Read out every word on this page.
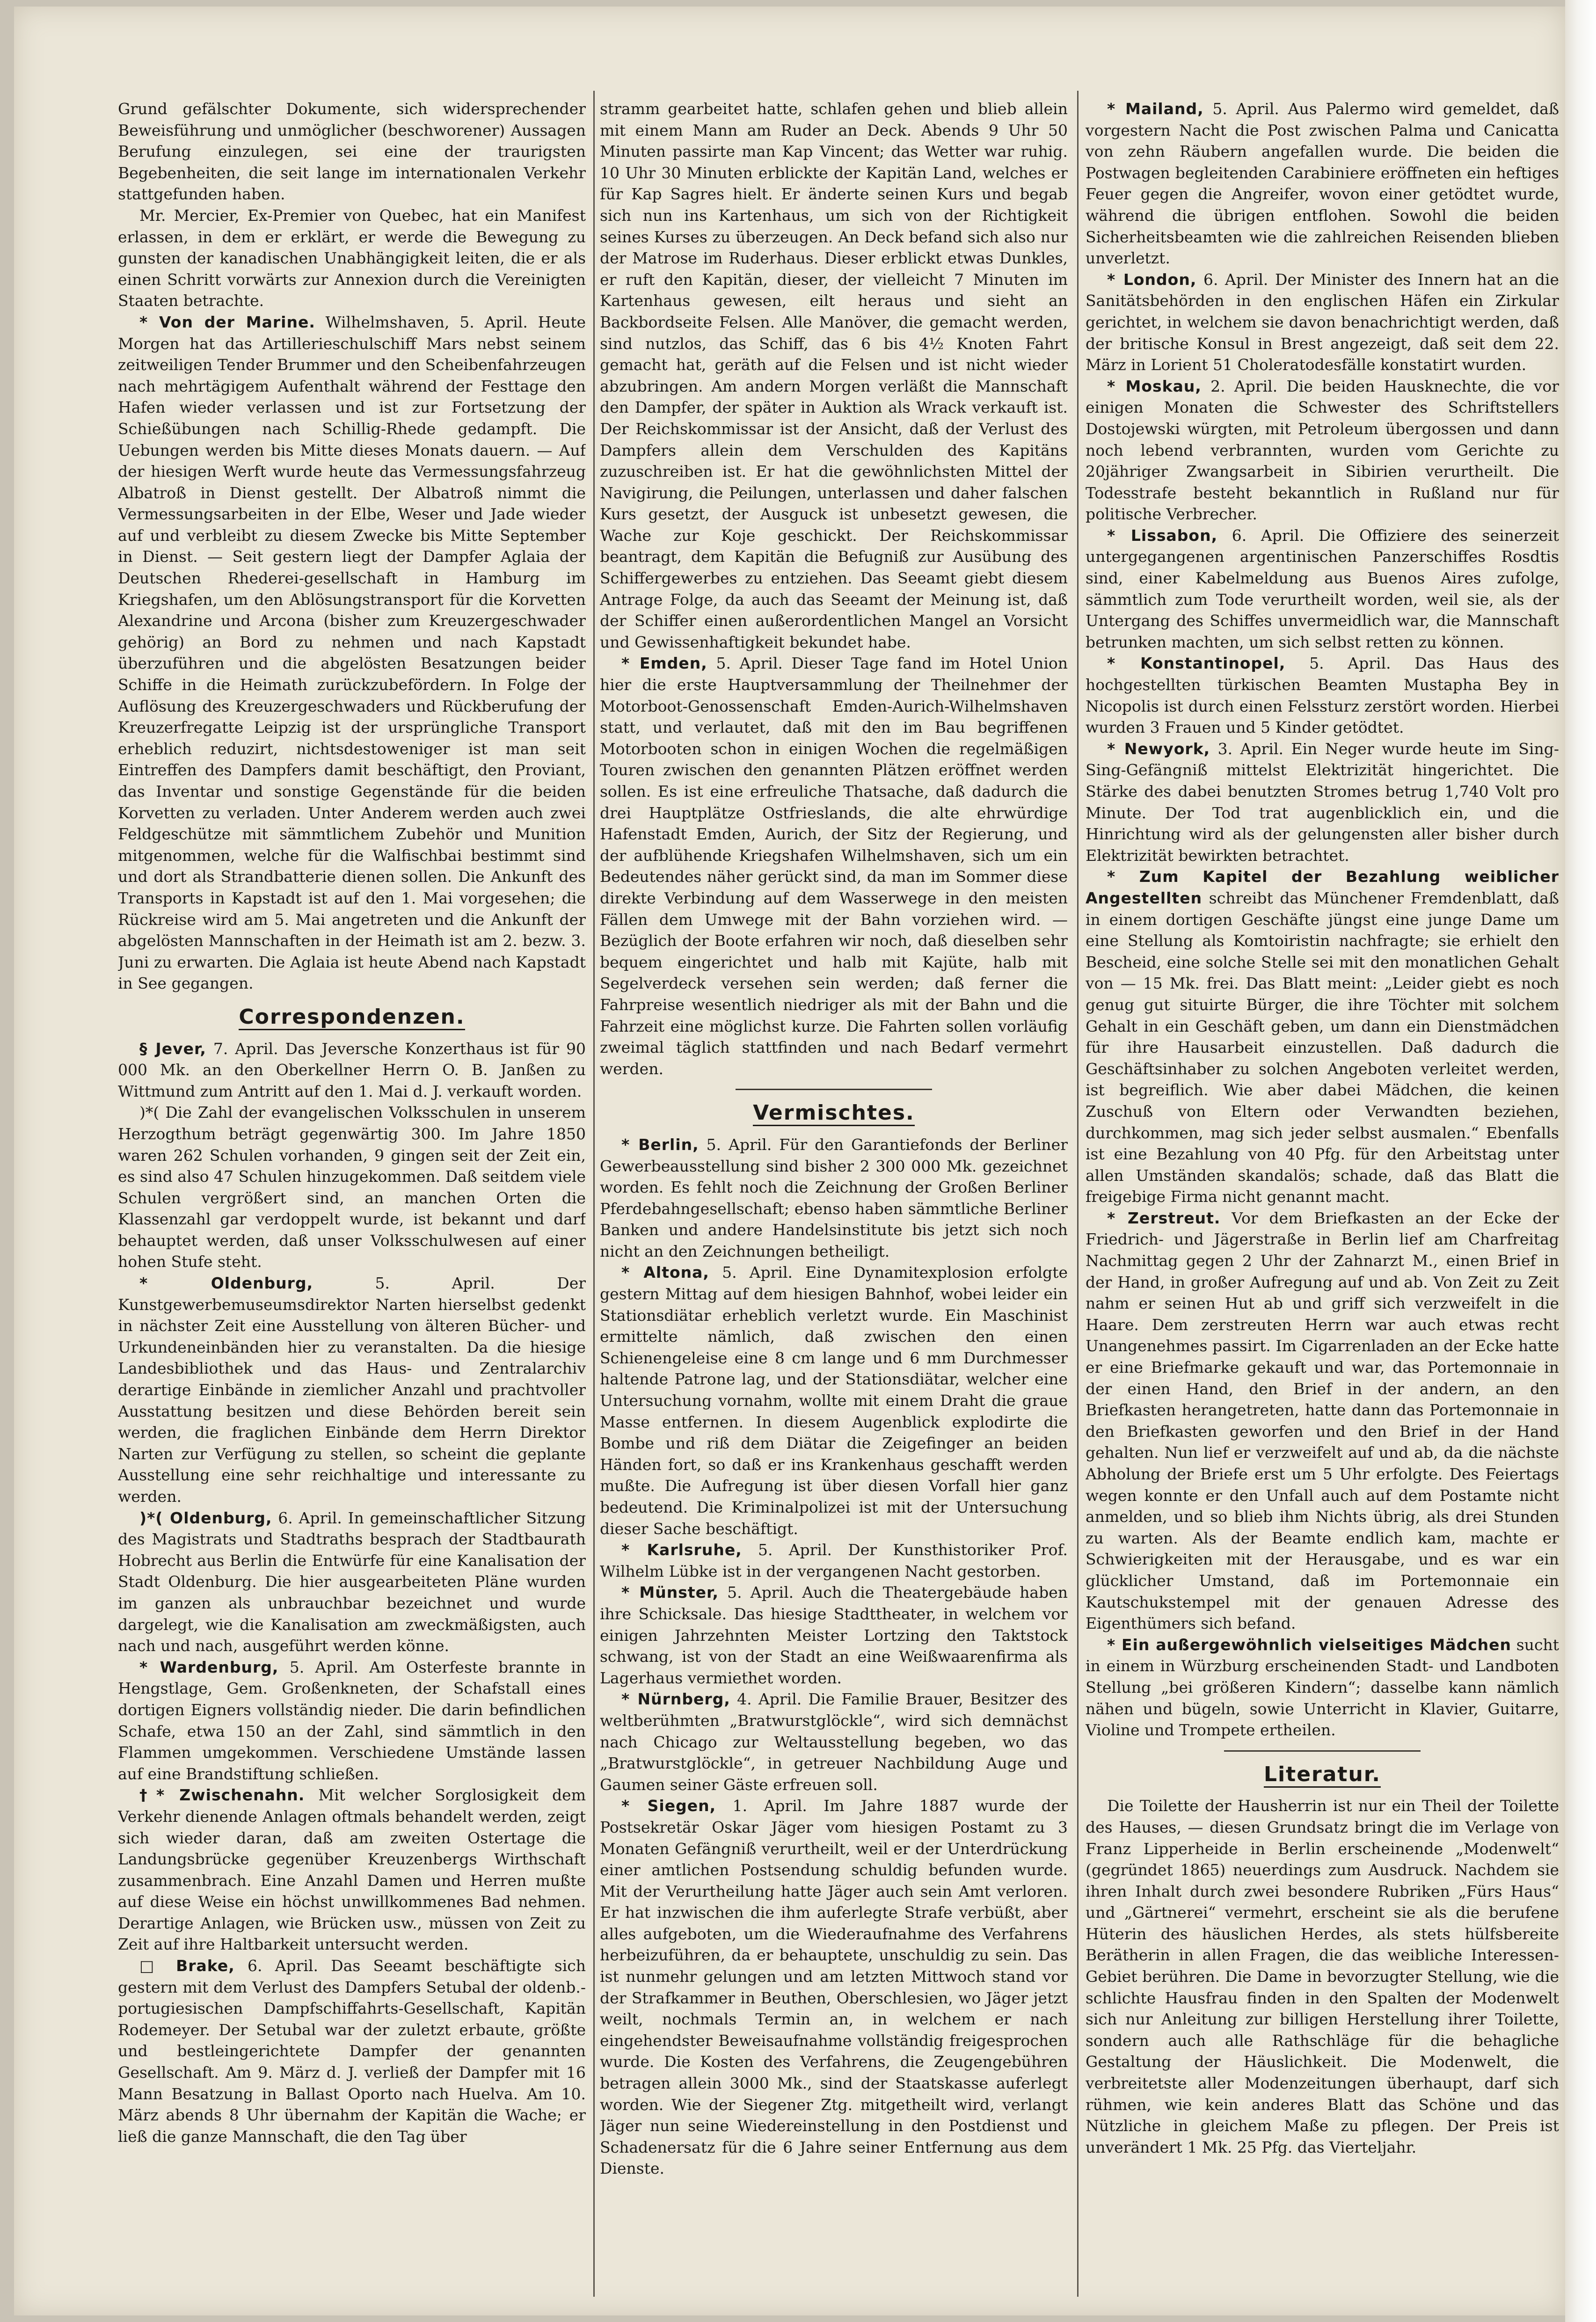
Grund gefälschter Dokumente, sich widersprechender Beweisführung und unmöglicher (beschworener) Aussagen Berufung einzulegen, sei eine der traurigsten Begebenheiten, die seit lange im internationalen Verkehr stattgefunden haben.

Mr. Mercier, Ex-Premier von Quebec, hat ein Manifest erlassen, in dem er erklärt, er werde die Bewegung zu gunsten der kanadischen Unabhängigkeit leiten, die er als einen Schritt vorwärts zur Annexion durch die Vereinigten Staaten betrachte.

* Von der Marine. Wilhelmshaven, 5. April. Heute Morgen hat das Artillerieschulschiff Mars nebst seinem zeitweiligen Tender Brummer und den Scheibenfahrzeugen nach mehrtägigem Aufenthalt während der Festtage den Hafen wieder verlassen und ist zur Fortsetzung der Schießübungen nach Schillig-Rhede gedampft. Die Uebungen werden bis Mitte dieses Monats dauern. — Auf der hiesigen Werft wurde heute das Vermessungsfahrzeug Albatroß in Dienst gestellt. Der Albatroß nimmt die Vermessungsarbeiten in der Elbe, Weser und Jade wieder auf und verbleibt zu diesem Zwecke bis Mitte September in Dienst. — Seit gestern liegt der Dampfer Aglaia der Deutschen Rhederei-gesellschaft in Hamburg im Kriegshafen, um den Ablösungstransport für die Korvetten Alexandrine und Arcona (bisher zum Kreuzergeschwader gehörig) an Bord zu nehmen und nach Kapstadt überzuführen und die abgelösten Besatzungen beider Schiffe in die Heimath zurückzubefördern. In Folge der Auflösung des Kreuzergeschwaders und Rückberufung der Kreuzerfregatte Leipzig ist der ursprüngliche Transport erheblich reduzirt, nichtsdestoweniger ist man seit Eintreffen des Dampfers damit beschäftigt, den Proviant, das Inventar und sonstige Gegenstände für die beiden Korvetten zu verladen. Unter Anderem werden auch zwei Feldgeschütze mit sämmtlichem Zubehör und Munition mitgenommen, welche für die Walfischbai bestimmt sind und dort als Strandbatterie dienen sollen. Die Ankunft des Transports in Kapstadt ist auf den 1. Mai vorgesehen; die Rückreise wird am 5. Mai angetreten und die Ankunft der abgelösten Mannschaften in der Heimath ist am 2. bezw. 3. Juni zu erwarten. Die Aglaia ist heute Abend nach Kapstadt in See gegangen.

Correspondenzen.

§ Jever, 7. April. Das Jeversche Konzerthaus ist für 90 000 Mk. an den Oberkellner Herrn O. B. Janßen zu Wittmund zum Antritt auf den 1. Mai d. J. verkauft worden.

)*( Die Zahl der evangelischen Volksschulen in unserem Herzogthum beträgt gegenwärtig 300. Im Jahre 1850 waren 262 Schulen vorhanden, 9 gingen seit der Zeit ein, es sind also 47 Schulen hinzugekommen. Daß seitdem viele Schulen vergrößert sind, an manchen Orten die Klassenzahl gar verdoppelt wurde, ist bekannt und darf behauptet werden, daß unser Volksschulwesen auf einer hohen Stufe steht.

* Oldenburg, 5. April. Der Kunstgewerbemuseumsdirektor Narten hierselbst gedenkt in nächster Zeit eine Ausstellung von älteren Bücher- und Urkundeneinbänden hier zu veranstalten. Da die hiesige Landesbibliothek und das Haus- und Zentralarchiv derartige Einbände in ziemlicher Anzahl und prachtvoller Ausstattung besitzen und diese Behörden bereit sein werden, die fraglichen Einbände dem Herrn Direktor Narten zur Verfügung zu stellen, so scheint die geplante Ausstellung eine sehr reichhaltige und interessante zu werden.

)*( Oldenburg, 6. April. In gemeinschaftlicher Sitzung des Magistrats und Stadtraths besprach der Stadtbaurath Hobrecht aus Berlin die Entwürfe für eine Kanalisation der Stadt Oldenburg. Die hier ausgearbeiteten Pläne wurden im ganzen als unbrauchbar bezeichnet und wurde dargelegt, wie die Kanalisation am zweckmäßigsten, auch nach und nach, ausgeführt werden könne.

* Wardenburg, 5. April. Am Osterfeste brannte in Hengstlage, Gem. Großenkneten, der Schafstall eines dortigen Eigners vollständig nieder. Die darin befindlichen Schafe, etwa 150 an der Zahl, sind sämmtlich in den Flammen umgekommen. Verschiedene Umstände lassen auf eine Brandstiftung schließen.

†* Zwischenahn. Mit welcher Sorglosigkeit dem Verkehr dienende Anlagen oftmals behandelt werden, zeigt sich wieder daran, daß am zweiten Ostertage die Landungsbrücke gegenüber Kreuzenbergs Wirthschaft zusammenbrach. Eine Anzahl Damen und Herren mußte auf diese Weise ein höchst unwillkommenes Bad nehmen. Derartige Anlagen, wie Brücken usw., müssen von Zeit zu Zeit auf ihre Haltbarkeit untersucht werden.

□ Brake, 6. April. Das Seeamt beschäftigte sich gestern mit dem Verlust des Dampfers Setubal der oldenb.-portugiesischen Dampfschiffahrts-Gesellschaft, Kapitän Rodemeyer. Der Setubal war der zuletzt erbaute, größte und bestleingerichtete Dampfer der genannten Gesellschaft. Am 9. März d. J. verließ der Dampfer mit 16 Mann Besatzung in Ballast Oporto nach Huelva. Am 10. März abends 8 Uhr übernahm der Kapitän die Wache; er ließ die ganze Mannschaft, die den Tag über

stramm gearbeitet hatte, schlafen gehen und blieb allein mit einem Mann am Ruder an Deck. Abends 9 Uhr 50 Minuten passirte man Kap Vincent; das Wetter war ruhig. 10 Uhr 30 Minuten erblickte der Kapitän Land, welches er für Kap Sagres hielt. Er änderte seinen Kurs und begab sich nun ins Kartenhaus, um sich von der Richtigkeit seines Kurses zu überzeugen. An Deck befand sich also nur der Matrose im Ruderhaus. Dieser erblickt etwas Dunkles, er ruft den Kapitän, dieser, der vielleicht 7 Minuten im Kartenhaus gewesen, eilt heraus und sieht an Backbordseite Felsen. Alle Manöver, die gemacht werden, sind nutzlos, das Schiff, das 6 bis 4½ Knoten Fahrt gemacht hat, geräth auf die Felsen und ist nicht wieder abzubringen. Am andern Morgen verläßt die Mannschaft den Dampfer, der später in Auktion als Wrack verkauft ist. Der Reichskommissar ist der Ansicht, daß der Verlust des Dampfers allein dem Verschulden des Kapitäns zuzuschreiben ist. Er hat die gewöhnlichsten Mittel der Navigirung, die Peilungen, unterlassen und daher falschen Kurs gesetzt, der Ausguck ist unbesetzt gewesen, die Wache zur Koje geschickt. Der Reichskommissar beantragt, dem Kapitän die Befugniß zur Ausübung des Schiffergewerbes zu entziehen. Das Seeamt giebt diesem Antrage Folge, da auch das Seeamt der Meinung ist, daß der Schiffer einen außerordentlichen Mangel an Vorsicht und Gewissenhaftigkeit bekundet habe.

* Emden, 5. April. Dieser Tage fand im Hotel Union hier die erste Hauptversammlung der Theilnehmer der Motorboot-Genossenschaft Emden-Aurich-Wilhelmshaven statt, und verlautet, daß mit den im Bau begriffenen Motorbooten schon in einigen Wochen die regelmäßigen Touren zwischen den genannten Plätzen eröffnet werden sollen. Es ist eine erfreuliche Thatsache, daß dadurch die drei Hauptplätze Ostfrieslands, die alte ehrwürdige Hafenstadt Emden, Aurich, der Sitz der Regierung, und der aufblühende Kriegshafen Wilhelmshaven, sich um ein Bedeutendes näher gerückt sind, da man im Sommer diese direkte Verbindung auf dem Wasserwege in den meisten Fällen dem Umwege mit der Bahn vorziehen wird. — Bezüglich der Boote erfahren wir noch, daß dieselben sehr bequem eingerichtet und halb mit Kajüte, halb mit Segelverdeck versehen sein werden; daß ferner die Fahrpreise wesentlich niedriger als mit der Bahn und die Fahrzeit eine möglichst kurze. Die Fahrten sollen vorläufig zweimal täglich stattfinden und nach Bedarf vermehrt werden.

Vermischtes.

* Berlin, 5. April. Für den Garantiefonds der Berliner Gewerbeausstellung sind bisher 2 300 000 Mk. gezeichnet worden. Es fehlt noch die Zeichnung der Großen Berliner Pferdebahngesellschaft; ebenso haben sämmtliche Berliner Banken und andere Handelsinstitute bis jetzt sich noch nicht an den Zeichnungen betheiligt.

* Altona, 5. April. Eine Dynamitexplosion erfolgte gestern Mittag auf dem hiesigen Bahnhof, wobei leider ein Stationsdiätar erheblich verletzt wurde. Ein Maschinist ermittelte nämlich, daß zwischen den einen Schienengeleise eine 8 cm lange und 6 mm Durchmesser haltende Patrone lag, und der Stationsdiätar, welcher eine Untersuchung vornahm, wollte mit einem Draht die graue Masse entfernen. In diesem Augenblick explodirte die Bombe und riß dem Diätar die Zeigefinger an beiden Händen fort, so daß er ins Krankenhaus geschafft werden mußte. Die Aufregung ist über diesen Vorfall hier ganz bedeutend. Die Kriminalpolizei ist mit der Untersuchung dieser Sache beschäftigt.

* Karlsruhe, 5. April. Der Kunsthistoriker Prof. Wilhelm Lübke ist in der vergangenen Nacht gestorben.

* Münster, 5. April. Auch die Theatergebäude haben ihre Schicksale. Das hiesige Stadttheater, in welchem vor einigen Jahrzehnten Meister Lortzing den Taktstock schwang, ist von der Stadt an eine Weißwaarenfirma als Lagerhaus vermiethet worden.

* Nürnberg, 4. April. Die Familie Brauer, Besitzer des weltberühmten „Bratwurstglöckle“, wird sich demnächst nach Chicago zur Weltausstellung begeben, wo das „Bratwurstglöckle“, in getreuer Nachbildung Auge und Gaumen seiner Gäste erfreuen soll.

* Siegen, 1. April. Im Jahre 1887 wurde der Postsekretär Oskar Jäger vom hiesigen Postamt zu 3 Monaten Gefängniß verurtheilt, weil er der Unterdrückung einer amtlichen Postsendung schuldig befunden wurde. Mit der Verurtheilung hatte Jäger auch sein Amt verloren. Er hat inzwischen die ihm auferlegte Strafe verbüßt, aber alles aufgeboten, um die Wiederaufnahme des Verfahrens herbeizuführen, da er behauptete, unschuldig zu sein. Das ist nunmehr gelungen und am letzten Mittwoch stand vor der Strafkammer in Beuthen, Oberschlesien, wo Jäger jetzt weilt, nochmals Termin an, in welchem er nach eingehendster Beweisaufnahme vollständig freigesprochen wurde. Die Kosten des Verfahrens, die Zeugengebühren betragen allein 3000 Mk., sind der Staatskasse auferlegt worden. Wie der Siegener Ztg. mitgetheilt wird, verlangt Jäger nun seine Wiedereinstellung in den Postdienst und Schadenersatz für die 6 Jahre seiner Entfernung aus dem Dienste.

* Mailand, 5. April. Aus Palermo wird gemeldet, daß vorgestern Nacht die Post zwischen Palma und Canicatta von zehn Räubern angefallen wurde. Die beiden die Postwagen begleitenden Carabiniere eröffneten ein heftiges Feuer gegen die Angreifer, wovon einer getödtet wurde, während die übrigen entflohen. Sowohl die beiden Sicherheitsbeamten wie die zahlreichen Reisenden blieben unverletzt.

* London, 6. April. Der Minister des Innern hat an die Sanitätsbehörden in den englischen Häfen ein Zirkular gerichtet, in welchem sie davon benachrichtigt werden, daß der britische Konsul in Brest angezeigt, daß seit dem 22. März in Lorient 51 Choleratodesfälle konstatirt wurden.

* Moskau, 2. April. Die beiden Hausknechte, die vor einigen Monaten die Schwester des Schriftstellers Dostojewski würgten, mit Petroleum übergossen und dann noch lebend verbrannten, wurden vom Gerichte zu 20jähriger Zwangsarbeit in Sibirien verurtheilt. Die Todesstrafe besteht bekanntlich in Rußland nur für politische Verbrecher.

* Lissabon, 6. April. Die Offiziere des seinerzeit untergegangenen argentinischen Panzerschiffes Rosdtis sind, einer Kabelmeldung aus Buenos Aires zufolge, sämmtlich zum Tode verurtheilt worden, weil sie, als der Untergang des Schiffes unvermeidlich war, die Mannschaft betrunken machten, um sich selbst retten zu können.

* Konstantinopel, 5. April. Das Haus des hochgestellten türkischen Beamten Mustapha Bey in Nicopolis ist durch einen Felssturz zerstört worden. Hierbei wurden 3 Frauen und 5 Kinder getödtet.

* Newyork, 3. April. Ein Neger wurde heute im Sing-Sing-Gefängniß mittelst Elektrizität hingerichtet. Die Stärke des dabei benutzten Stromes betrug 1,740 Volt pro Minute. Der Tod trat augenblicklich ein, und die Hinrichtung wird als der gelungensten aller bisher durch Elektrizität bewirkten betrachtet.

* Zum Kapitel der Bezahlung weiblicher Angestellten schreibt das Münchener Fremdenblatt, daß in einem dortigen Geschäfte jüngst eine junge Dame um eine Stellung als Komtoiristin nachfragte; sie erhielt den Bescheid, eine solche Stelle sei mit den monatlichen Gehalt von — 15 Mk. frei. Das Blatt meint: „Leider giebt es noch genug gut situirte Bürger, die ihre Töchter mit solchem Gehalt in ein Geschäft geben, um dann ein Dienstmädchen für ihre Hausarbeit einzustellen. Daß dadurch die Geschäftsinhaber zu solchen Angeboten verleitet werden, ist begreiflich. Wie aber dabei Mädchen, die keinen Zuschuß von Eltern oder Verwandten beziehen, durchkommen, mag sich jeder selbst ausmalen.“ Ebenfalls ist eine Bezahlung von 40 Pfg. für den Arbeitstag unter allen Umständen skandalös; schade, daß das Blatt die freigebige Firma nicht genannt macht.

* Zerstreut. Vor dem Briefkasten an der Ecke der Friedrich- und Jägerstraße in Berlin lief am Charfreitag Nachmittag gegen 2 Uhr der Zahnarzt M., einen Brief in der Hand, in großer Aufregung auf und ab. Von Zeit zu Zeit nahm er seinen Hut ab und griff sich verzweifelt in die Haare. Dem zerstreuten Herrn war auch etwas recht Unangenehmes passirt. Im Cigarrenladen an der Ecke hatte er eine Briefmarke gekauft und war, das Portemonnaie in der einen Hand, den Brief in der andern, an den Briefkasten herangetreten, hatte dann das Portemonnaie in den Briefkasten geworfen und den Brief in der Hand gehalten. Nun lief er verzweifelt auf und ab, da die nächste Abholung der Briefe erst um 5 Uhr erfolgte. Des Feiertags wegen konnte er den Unfall auch auf dem Postamte nicht anmelden, und so blieb ihm Nichts übrig, als drei Stunden zu warten. Als der Beamte endlich kam, machte er Schwierigkeiten mit der Herausgabe, und es war ein glücklicher Umstand, daß im Portemonnaie ein Kautschukstempel mit der genauen Adresse des Eigenthümers sich befand.

* Ein außergewöhnlich vielseitiges Mädchen sucht in einem in Würzburg erscheinenden Stadt- und Landboten Stellung „bei größeren Kindern“; dasselbe kann nämlich nähen und bügeln, sowie Unterricht in Klavier, Guitarre, Violine und Trompete ertheilen.

Literatur.

Die Toilette der Hausherrin ist nur ein Theil der Toilette des Hauses, — diesen Grundsatz bringt die im Verlage von Franz Lipperheide in Berlin erscheinende „Modenwelt“ (gegründet 1865) neuerdings zum Ausdruck. Nachdem sie ihren Inhalt durch zwei besondere Rubriken „Fürs Haus“ und „Gärtnerei“ vermehrt, erscheint sie als die berufene Hüterin des häuslichen Herdes, als stets hülfsbereite Berätherin in allen Fragen, die das weibliche Interessen-Gebiet berühren. Die Dame in bevorzugter Stellung, wie die schlichte Hausfrau finden in den Spalten der Modenwelt sich nur Anleitung zur billigen Herstellung ihrer Toilette, sondern auch alle Rathschläge für die behagliche Gestaltung der Häuslichkeit. Die Modenwelt, die verbreitetste aller Modenzeitungen überhaupt, darf sich rühmen, wie kein anderes Blatt das Schöne und das Nützliche in gleichem Maße zu pflegen. Der Preis ist unverändert 1 Mk. 25 Pfg. das Vierteljahr.
